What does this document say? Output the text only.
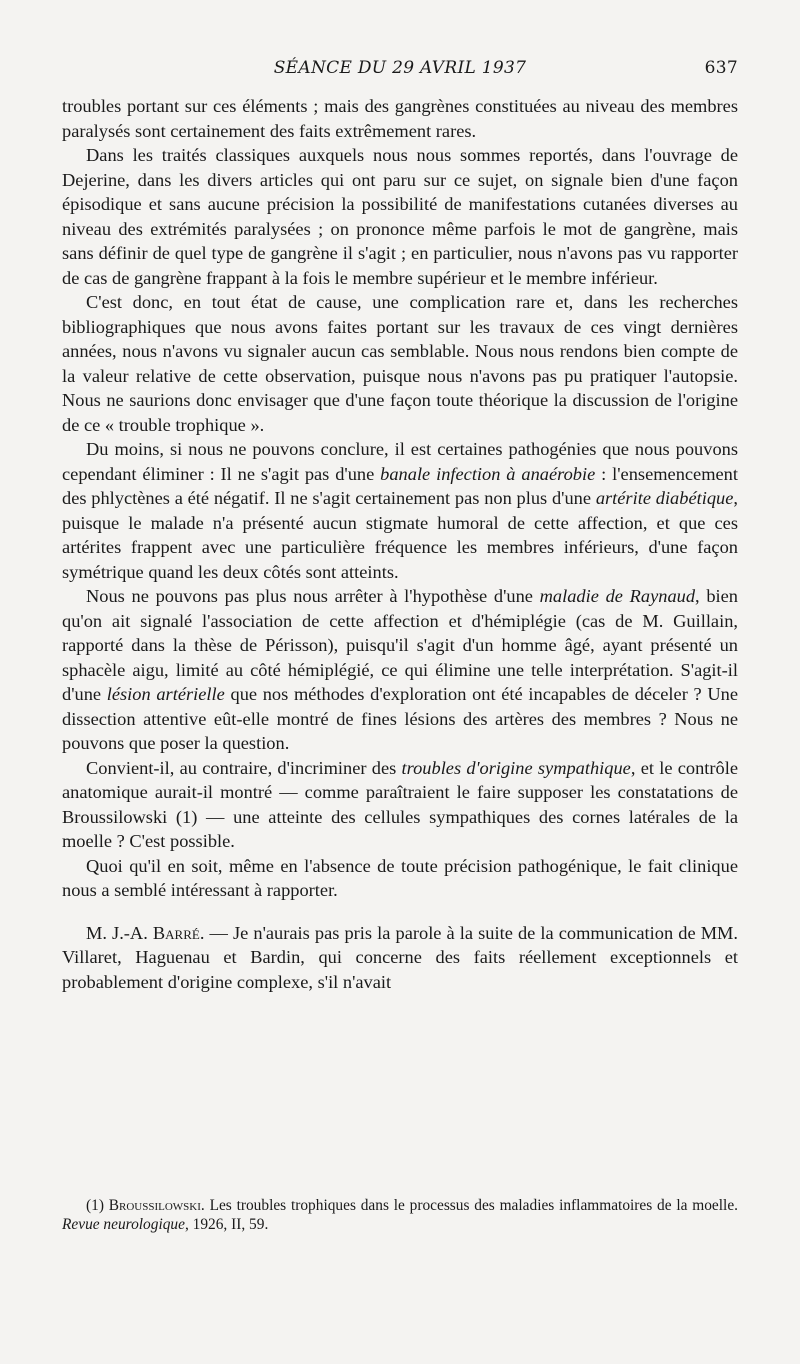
SÉANCE DU 29 AVRIL 1937	637

troubles portant sur ces éléments ; mais des gangrènes constituées au niveau des membres paralysés sont certainement des faits extrêmement rares.

Dans les traités classiques auxquels nous nous sommes reportés, dans l'ouvrage de Dejerine, dans les divers articles qui ont paru sur ce sujet, on signale bien d'une façon épisodique et sans aucune précision la possibilité de manifestations cutanées diverses au niveau des extrémités paralysées ; on prononce même parfois le mot de gangrène, mais sans définir de quel type de gangrène il s'agit ; en particulier, nous n'avons pas vu rapporter de cas de gangrène frappant à la fois le membre supérieur et le membre inférieur.

C'est donc, en tout état de cause, une complication rare et, dans les recherches bibliographiques que nous avons faites portant sur les travaux de ces vingt dernières années, nous n'avons vu signaler aucun cas semblable. Nous nous rendons bien compte de la valeur relative de cette observation, puisque nous n'avons pas pu pratiquer l'autopsie. Nous ne saurions donc envisager que d'une façon toute théorique la discussion de l'origine de ce « trouble trophique ».

Du moins, si nous ne pouvons conclure, il est certaines pathogénies que nous pouvons cependant éliminer : Il ne s'agit pas d'une banale infection à anaérobie : l'ensemencement des phlyctènes a été négatif. Il ne s'agit certainement pas non plus d'une artérite diabétique, puisque le malade n'a présenté aucun stigmate humoral de cette affection, et que ces artérites frappent avec une particulière fréquence les membres inférieurs, d'une façon symétrique quand les deux côtés sont atteints.

Nous ne pouvons pas plus nous arrêter à l'hypothèse d'une maladie de Raynaud, bien qu'on ait signalé l'association de cette affection et d'hémiplégie (cas de M. Guillain, rapporté dans la thèse de Périsson), puisqu'il s'agit d'un homme âgé, ayant présenté un sphacèle aigu, limité au côté hémiplégié, ce qui élimine une telle interprétation. S'agit-il d'une lésion artérielle que nos méthodes d'exploration ont été incapables de déceler ? Une dissection attentive eût-elle montré de fines lésions des artères des membres ? Nous ne pouvons que poser la question.

Convient-il, au contraire, d'incriminer des troubles d'origine sympathique, et le contrôle anatomique aurait-il montré — comme paraîtraient le faire supposer les constatations de Broussilowski (1) — une atteinte des cellules sympathiques des cornes latérales de la moelle ? C'est possible.

Quoi qu'il en soit, même en l'absence de toute précision pathogénique, le fait clinique nous a semblé intéressant à rapporter.

M. J.-A. Barré. — Je n'aurais pas pris la parole à la suite de la communication de MM. Villaret, Haguenau et Bardin, qui concerne des faits réellement exceptionnels et probablement d'origine complexe, s'il n'avait

(1) Broussilowski. Les troubles trophiques dans le processus des maladies inflammatoires de la moelle. Revue neurologique, 1926, II, 59.
